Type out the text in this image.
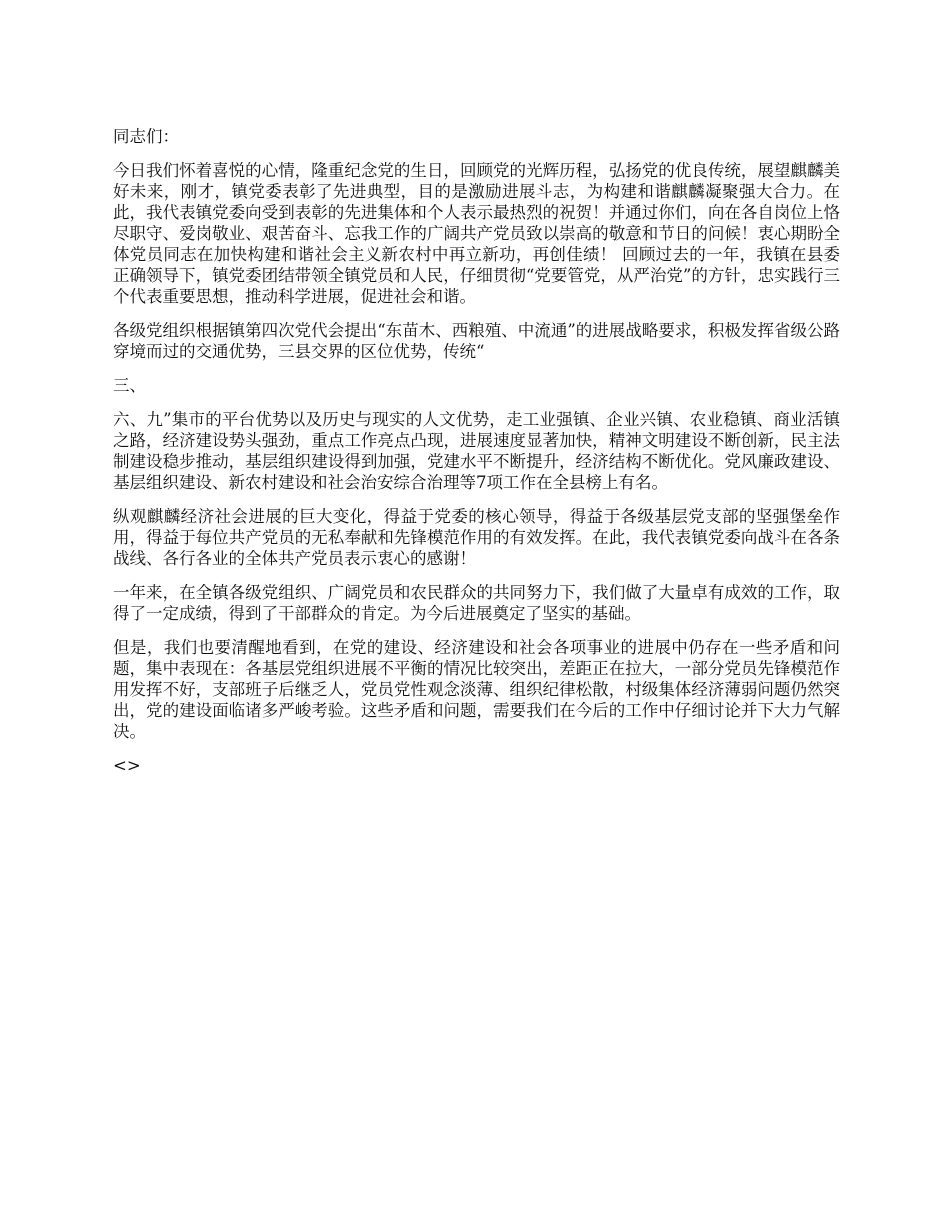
同志们：

今日我们怀着喜悦的心情，隆重纪念党的生日，回顾党的光辉历程，弘扬党的优良传统，展望麒麟美好未来，刚才，镇党委表彰了先进典型，目的是激励进展斗志，为构建和谐麒麟凝聚强大合力。在此，我代表镇党委向受到表彰的先进集体和个人表示最热烈的祝贺！并通过你们，向在各自岗位上恪尽职守、爱岗敬业、艰苦奋斗、忘我工作的广阔共产党员致以崇高的敬意和节日的问候！衷心期盼全体党员同志在加快构建和谐社会主义新农村中再立新功，再创佳绩！ 回顾过去的一年，我镇在县委正确领导下，镇党委团结带领全镇党员和人民，仔细贯彻“党要管党，从严治党”的方针，忠实践行三个代表重要思想，推动科学进展，促进社会和谐。

各级党组织根据镇第四次党代会提出“东苗木、西粮殖、中流通”的进展战略要求，积极发挥省级公路穿境而过的交通优势，三县交界的区位优势，传统“

三、

六、九”集市的平台优势以及历史与现实的人文优势，走工业强镇、企业兴镇、农业稳镇、商业活镇之路，经济建设势头强劲，重点工作亮点凸现，进展速度显著加快，精神文明建设不断创新，民主法制建设稳步推动，基层组织建设得到加强，党建水平不断提升，经济结构不断优化。党风廉政建设、基层组织建设、新农村建设和社会治安综合治理等7项工作在全县榜上有名。

纵观麒麟经济社会进展的巨大变化，得益于党委的核心领导，得益于各级基层党支部的坚强堡垒作用，得益于每位共产党员的无私奉献和先锋模范作用的有效发挥。在此，我代表镇党委向战斗在各条战线、各行各业的全体共产党员表示衷心的感谢！

一年来，在全镇各级党组织、广阔党员和农民群众的共同努力下，我们做了大量卓有成效的工作，取得了一定成绩，得到了干部群众的肯定。为今后进展奠定了坚实的基础。

但是，我们也要清醒地看到，在党的建设、经济建设和社会各项事业的进展中仍存在一些矛盾和问题，集中表现在：各基层党组织进展不平衡的情况比较突出，差距正在拉大，一部分党员先锋模范作用发挥不好，支部班子后继乏人，党员党性观念淡薄、组织纪律松散，村级集体经济薄弱问题仍然突出，党的建设面临诸多严峻考验。这些矛盾和问题，需要我们在今后的工作中仔细讨论并下大力气解决。

<>
